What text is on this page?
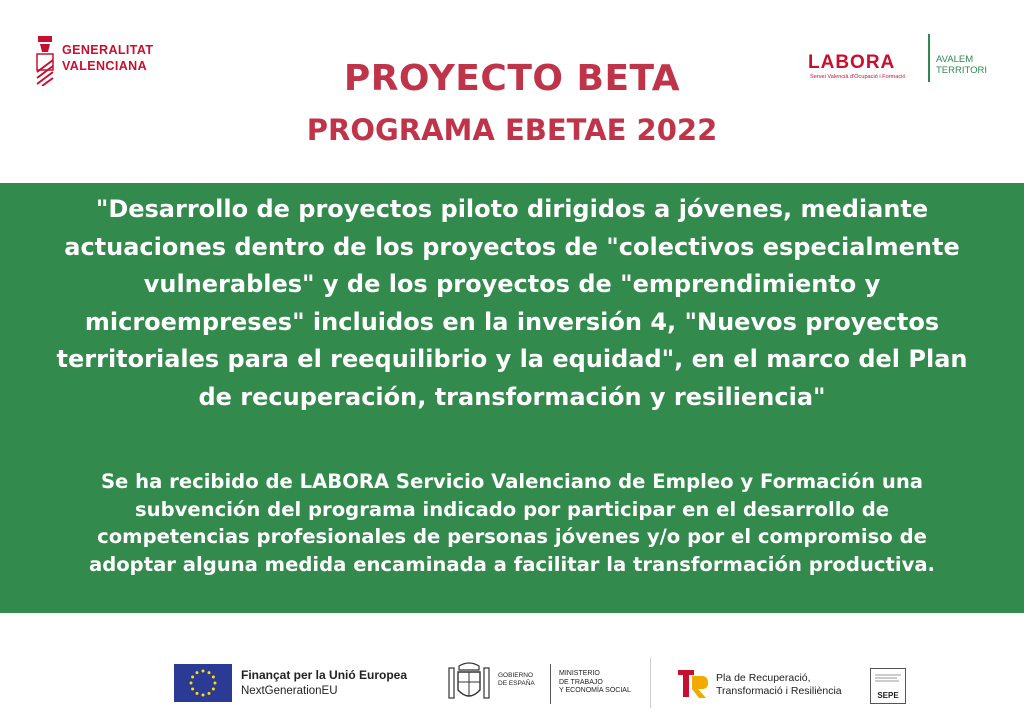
GENERALITAT
VALENCIANA	LABORA
Servei Valencià d'Ocupació i Formació
AVALEM
TERRITORI
PROYECTO BETA
PROGRAMA EBETAE 2022
"Desarrollo de proyectos piloto dirigidos a jóvenes, mediante
actuaciones dentro de los proyectos de "colectivos especialmente
vulnerables" y de los proyectos de "emprendimiento y
microempreses" incluidos en la inversión 4, "Nuevos proyectos
territoriales para el reequilibrio y la equidad", en el marco del Plan
de recuperación, transformación y resiliencia"
Se ha recibido de LABORA Servicio Valenciano de Empleo y Formación una
subvención del programa indicado por participar en el desarrollo de
competencias profesionales de personas jóvenes y/o por el compromiso de
adoptar alguna medida encaminada a facilitar la transformación productiva.
Finançat per la Unió Europea
NextGenerationEU
GOBIERNO
DE ESPAÑA
MINISTERIO
DE TRABAJO
Y ECONOMÍA SOCIAL
Pla de Recuperació,
Transformació i Resiliència	SEPE
